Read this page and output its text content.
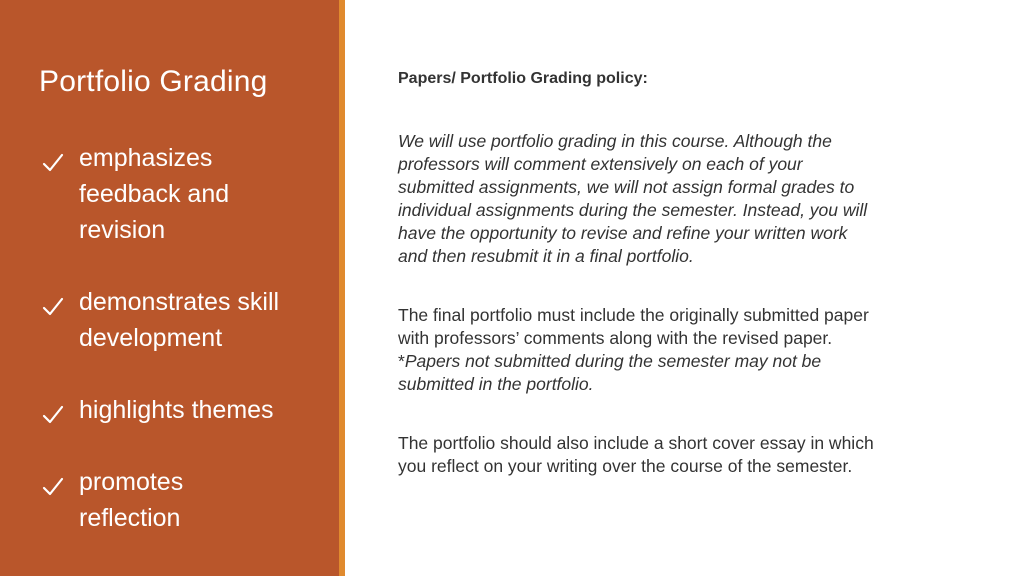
Portfolio Grading
emphasizes
feedback and
revision
demonstrates skill
development
highlights themes
promotes
reflection
Papers/ Portfolio Grading policy:

We will use portfolio grading in this course. Although the
professors will comment extensively on each of your
submitted assignments, we will not assign formal grades to
individual assignments during the semester. Instead, you will
have the opportunity to revise and refine your written work
and then resubmit it in a final portfolio.

The final portfolio must include the originally submitted paper
with professors’ comments along with the revised paper.
*Papers not submitted during the semester may not be
submitted in the portfolio.

The portfolio should also include a short cover essay in which
you reflect on your writing over the course of the semester.
